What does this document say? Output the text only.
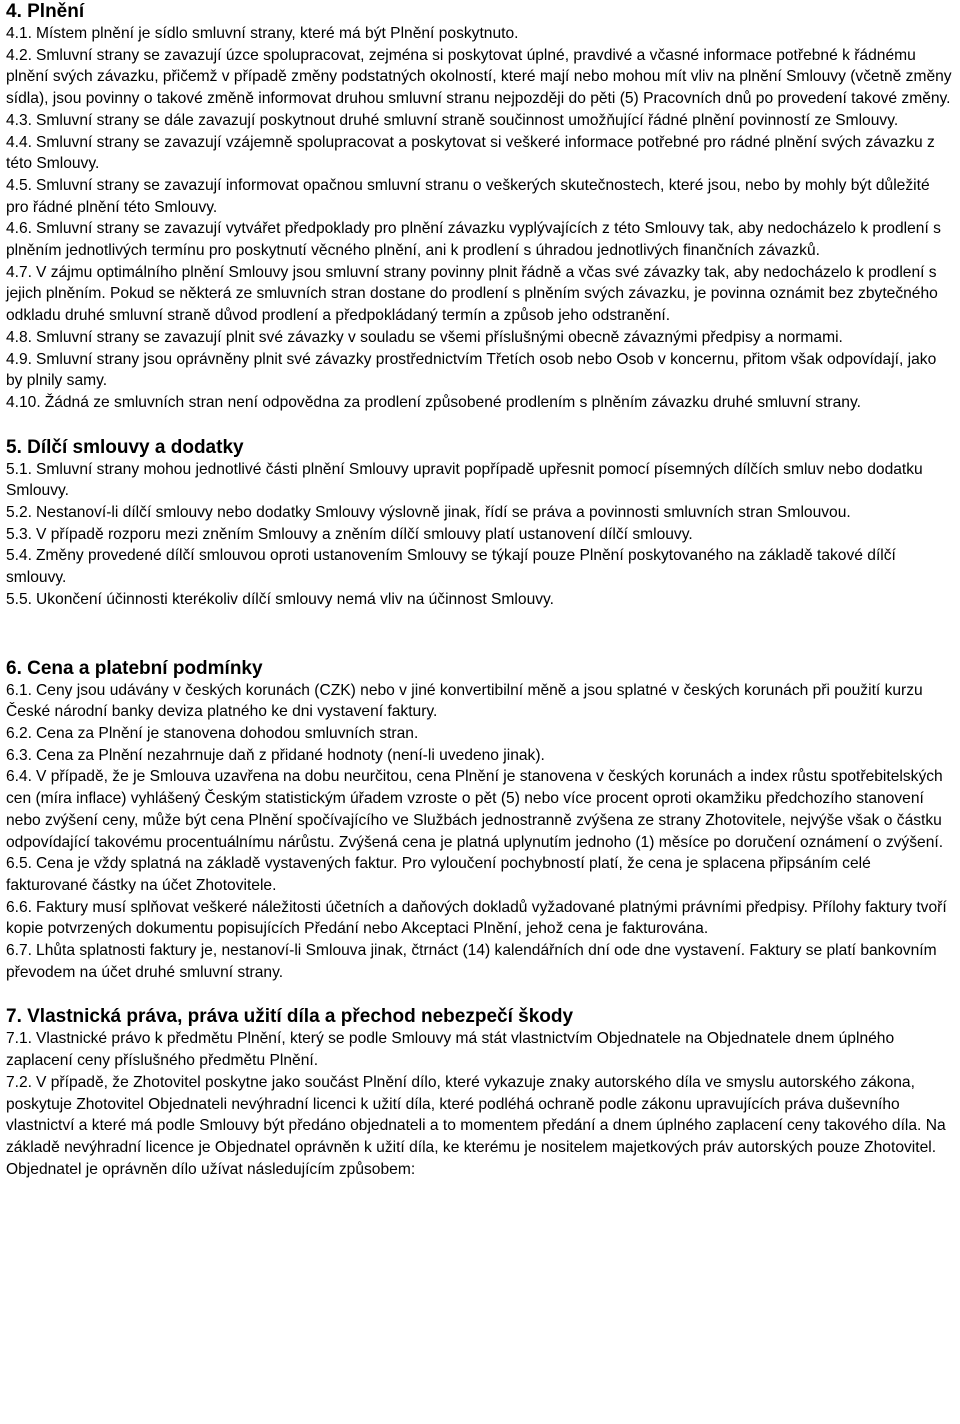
4. Plnění

4.1. Místem plnění je sídlo smluvní strany, které má být Plnění poskytnuto.

4.2. Smluvní strany se zavazují úzce spolupracovat, zejména si poskytovat úplné, pravdivé a včasné informace potřebné k řádnému plnění svých závazku, přičemž v případě změny podstatných okolností, které mají nebo mohou mít vliv na plnění Smlouvy (včetně změny sídla), jsou povinny o takové změně informovat druhou smluvní stranu nejpozději do pěti (5) Pracovních dnů po provedení takové změny.

4.3. Smluvní strany se dále zavazují poskytnout druhé smluvní straně součinnost umožňující řádné plnění povinností ze Smlouvy.

4.4. Smluvní strany se zavazují vzájemně spolupracovat a poskytovat si veškeré informace potřebné pro rádné plnění svých závazku z této Smlouvy.

4.5. Smluvní strany se zavazují informovat opačnou smluvní stranu o veškerých skutečnostech, které jsou, nebo by mohly být důležité pro řádné plnění této Smlouvy.

4.6. Smluvní strany se zavazují vytvářet předpoklady pro plnění závazku vyplývajících z této Smlouvy tak, aby nedocházelo k prodlení s plněním jednotlivých termínu pro poskytnutí věcného plnění, ani k prodlení s úhradou jednotlivých finančních závazků.

4.7. V zájmu optimálního plnění Smlouvy jsou smluvní strany povinny plnit řádně a včas své závazky tak, aby nedocházelo k prodlení s jejich plněním. Pokud se některá ze smluvních stran dostane do prodlení s plněním svých závazku, je povinna oznámit bez zbytečného odkladu druhé smluvní straně důvod prodlení a předpokládaný termín a způsob jeho odstranění.

4.8. Smluvní strany se zavazují plnit své závazky v souladu se všemi příslušnými obecně závaznými předpisy a normami.

4.9. Smluvní strany jsou oprávněny plnit své závazky prostřednictvím Třetích osob nebo Osob v koncernu, přitom však odpovídají, jako by plnily samy.

4.10. Žádná ze smluvních stran není odpovědna za prodlení způsobené prodlením s plněním závazku druhé smluvní strany.

5. Dílčí smlouvy a dodatky

5.1. Smluvní strany mohou jednotlivé části plnění Smlouvy upravit popřípadě upřesnit pomocí písemných dílčích smluv nebo dodatku Smlouvy.

5.2. Nestanoví-li dílčí smlouvy nebo dodatky Smlouvy výslovně jinak, řídí se práva a povinnosti smluvních stran Smlouvou.

5.3. V případě rozporu mezi zněním Smlouvy a zněním dílčí smlouvy platí ustanovení dílčí smlouvy.

5.4. Změny provedené dílčí smlouvou oproti ustanovením Smlouvy se týkají pouze Plnění poskytovaného na základě takové dílčí smlouvy.

5.5. Ukončení účinnosti kterékoliv dílčí smlouvy nemá vliv na účinnost Smlouvy.

6. Cena a platební podmínky

6.1. Ceny jsou udávány v českých korunách (CZK) nebo v jiné konvertibilní měně a jsou splatné v českých korunách při použití kurzu České národní banky deviza platného ke dni vystavení faktury.

6.2. Cena za Plnění je stanovena dohodou smluvních stran.

6.3. Cena za Plnění nezahrnuje daň z přidané hodnoty (není-li uvedeno jinak).

6.4. V případě, že je Smlouva uzavřena na dobu neurčitou, cena Plnění je stanovena v českých korunách a index růstu spotřebitelských cen (míra inflace) vyhlášený Českým statistickým úřadem vzroste o pět (5) nebo více procent oproti okamžiku předchozího stanovení nebo zvýšení ceny, může být cena Plnění spočívajícího ve Službách jednostranně zvýšena ze strany Zhotovitele, nejvýše však o částku odpovídající takovému procentuálnímu nárůstu. Zvýšená cena je platná uplynutím jednoho (1) měsíce po doručení oznámení o zvýšení.

6.5. Cena je vždy splatná na základě vystavených faktur. Pro vyloučení pochybností platí, že cena je splacena připsáním celé fakturované částky na účet Zhotovitele.

6.6. Faktury musí splňovat veškeré náležitosti účetních a daňových dokladů vyžadované platnými právními předpisy. Přílohy faktury tvoří kopie potvrzených dokumentu popisujících Předání nebo Akceptaci Plnění, jehož cena je fakturována.

6.7. Lhůta splatnosti faktury je, nestanoví-li Smlouva jinak, čtrnáct (14) kalendářních dní ode dne vystavení. Faktury se platí bankovním převodem na účet druhé smluvní strany.

7. Vlastnická práva, práva užití díla a přechod nebezpečí škody

7.1. Vlastnické právo k předmětu Plnění, který se podle Smlouvy má stát vlastnictvím Objednatele na Objednatele dnem úplného zaplacení ceny příslušného předmětu Plnění.

7.2. V případě, že Zhotovitel poskytne jako součást Plnění dílo, které vykazuje znaky autorského díla ve smyslu autorského zákona, poskytuje Zhotovitel Objednateli nevýhradní licenci k užití díla, které podléhá ochraně podle zákonu upravujících práva duševního vlastnictví a které má podle Smlouvy být předáno objednateli a to momentem předání a dnem úplného zaplacení ceny takového díla. Na základě nevýhradní licence je Objednatel oprávněn k užití díla, ke kterému je nositelem majetkových práv autorských pouze Zhotovitel. Objednatel je oprávněn dílo užívat následujícím způsobem:
